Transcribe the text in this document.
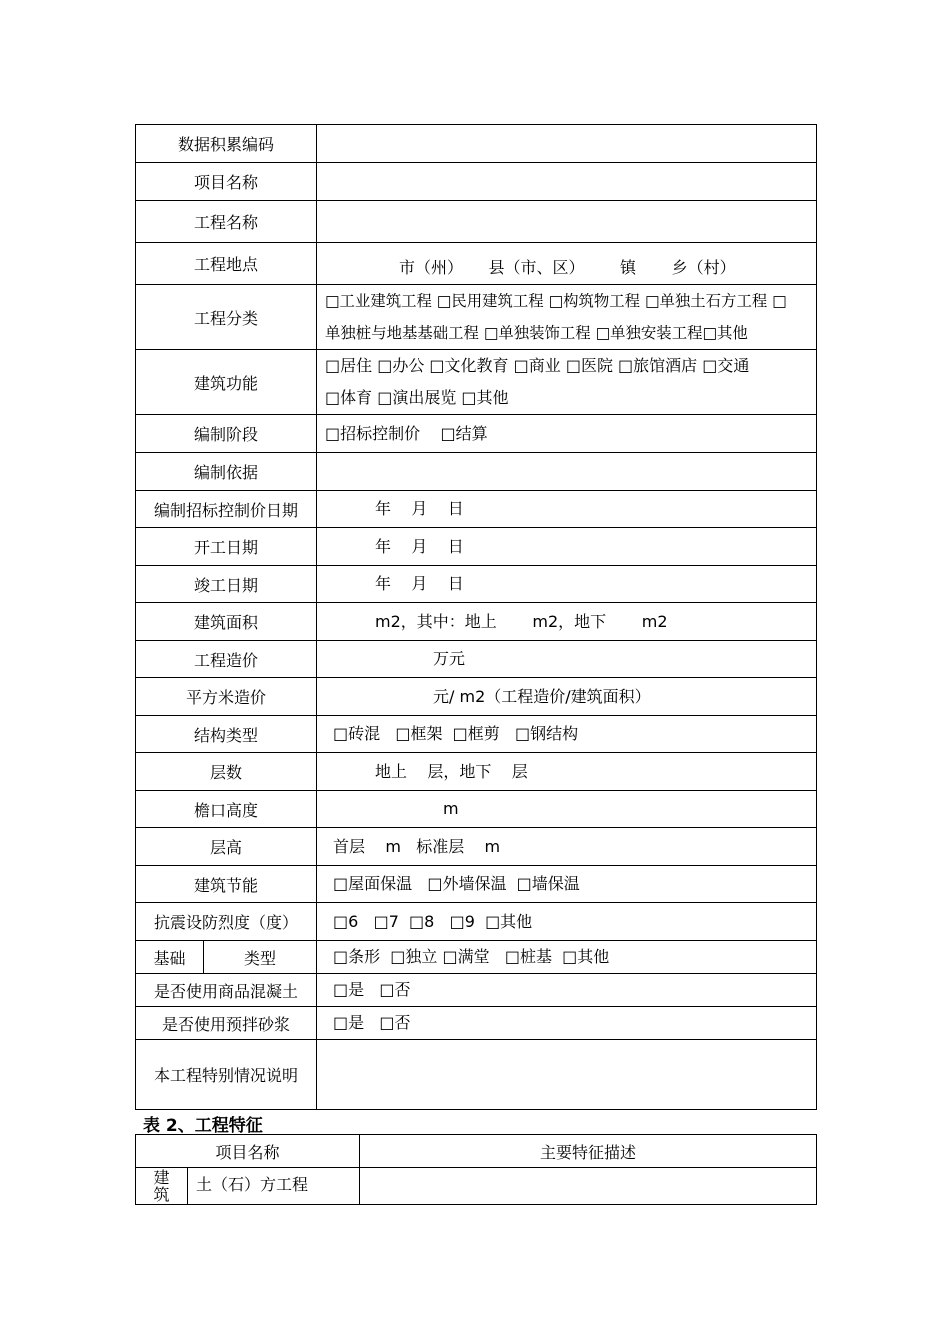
数据积累编码		
项目名称		
工程名称		
工程地点		市（州）     县（市、区）       镇       乡（村）
工程分类		□工业建筑工程 □民用建筑工程 □构筑物工程 □单独土石方工程 □
单独桩与地基基础工程 □单独装饰工程 □单独安装工程□其他

建筑功能		□居住 □办公 □文化教育 □商业 □医院 □旅馆酒店 □交通
□体育 □演出展览 □其他

编制阶段		□招标控制价    □结算
编制依据		
编制招标控制价日期		年    月    日
开工日期		年    月    日
竣工日期		年    月    日
建筑面积		m2，其中：地上       m2，地下       m2
工程造价		万元
平方米造价		元/ m2（工程造价/建筑面积）
结构类型		□砖混   □框架  □框剪   □钢结构
层数		地上    层，地下    层
檐口高度		m
层高		首层    m   标准层    m
建筑节能		□屋面保温   □外墙保温  □墙保温
抗震设防烈度（度）		□6   □7  □8   □9  □其他
基础	类型	□条形  □独立 □满堂   □桩基  □其他
是否使用商品混凝土		□是   □否
是否使用预拌砂浆		□是   □否
本工程特别情况说明		
表 2、工程特征
项目名称		主要特征描述

建筑	土（石）方工程	
